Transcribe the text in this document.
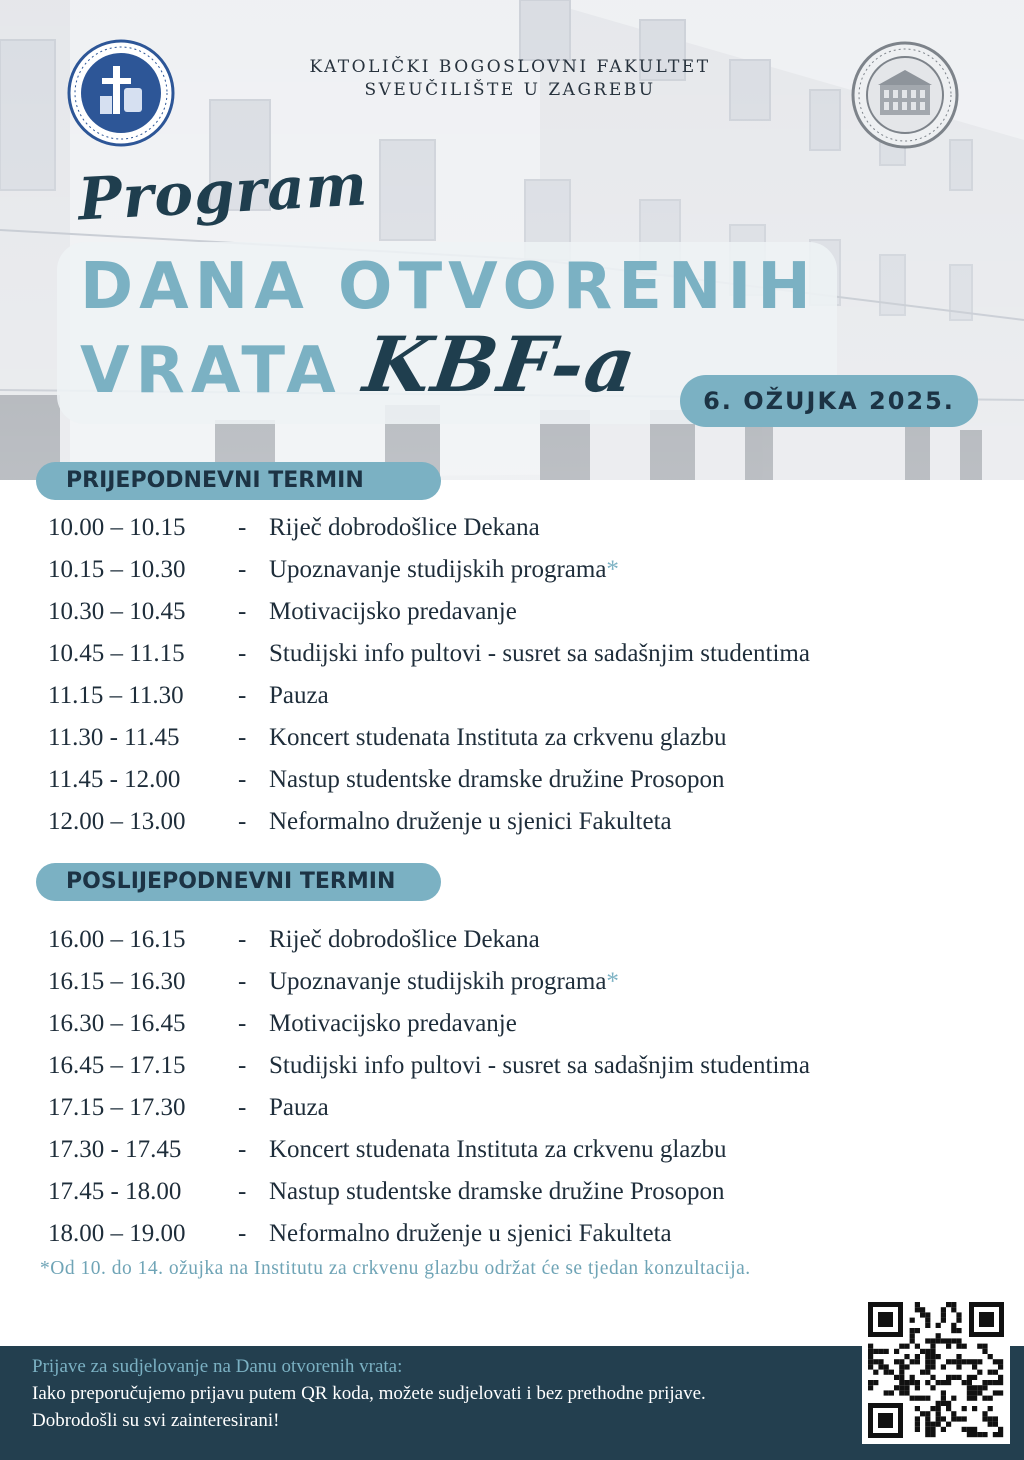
KATOLIČKI BOGOSLOVNI FAKULTET
SVEUČILIŠTE U ZAGREBU
Program
DANA OTVORENIH
VRATA KBF-a	6. OŽUJKA 2025.
PRIJEPODNEVNI TERMIN
10.00 – 10.15 - Riječ dobrodošlice Dekana
10.15 – 10.30 - Upoznavanje studijskih programa*
10.30 – 10.45 - Motivacijsko predavanje
10.45 – 11.15 - Studijski info pultovi - susret sa sadašnjim studentima
11.15 – 11.30 - Pauza
11.30 - 11.45 - Koncert studenata Instituta za crkvenu glazbu
11.45 - 12.00 - Nastup studentske dramske družine Prosopon
12.00 – 13.00 - Neformalno druženje u sjenici Fakulteta
POSLIJEPODNEVNI TERMIN
16.00 – 16.15 - Riječ dobrodošlice Dekana
16.15 – 16.30 - Upoznavanje studijskih programa*
16.30 – 16.45 - Motivacijsko predavanje
16.45 – 17.15 - Studijski info pultovi - susret sa sadašnjim studentima
17.15 – 17.30 - Pauza
17.30 - 17.45 - Koncert studenata Instituta za crkvenu glazbu
17.45 - 18.00 - Nastup studentske dramske družine Prosopon
18.00 – 19.00 - Neformalno druženje u sjenici Fakulteta
*Od 10. do 14. ožujka na Institutu za crkvenu glazbu održat će se tjedan konzultacija.
Prijave za sudjelovanje na Danu otvorenih vrata:
Iako preporučujemo prijavu putem QR koda, možete sudjelovati i bez prethodne prijave.
Dobrodošli su svi zainteresirani!
